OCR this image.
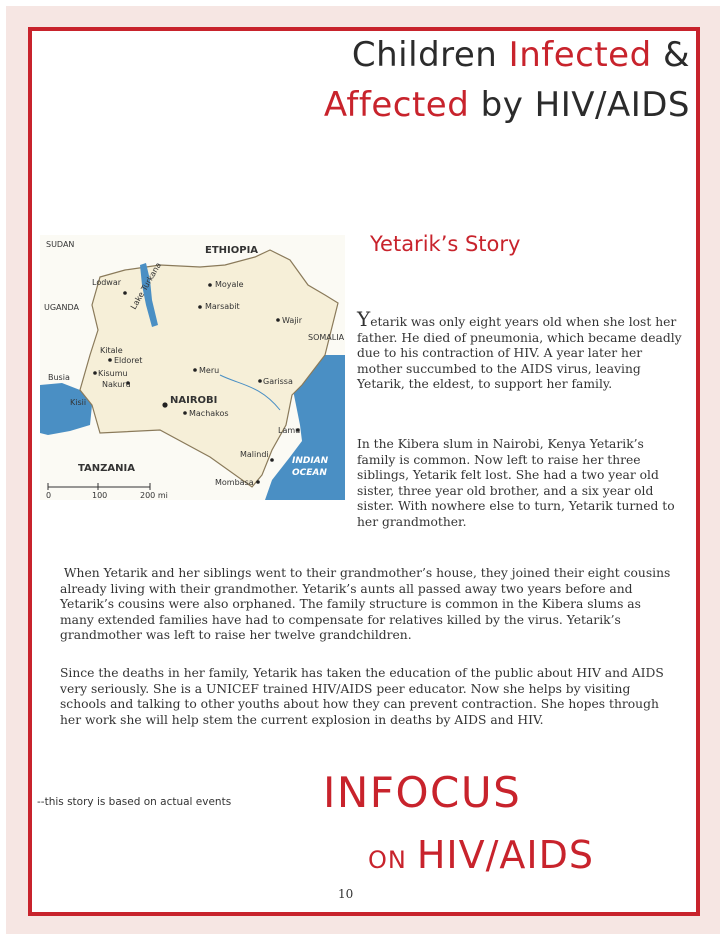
Children Infected &
Affected by HIV/AIDS
SUDAN
ETHIOPIA
UGANDA
SOMALIA
TANZANIA
Lodwar	Moyale
Marsabit
Wajir
Kitale
Eldoret
Kisumu
Nakuru
Meru
Garissa
NAIROBI
Machakos
Lamu
Malindi
Mombasa
Busia
Kisii
Lake Turkana
INDIAN
OCEAN
0	100	200 mi
Yetarik’s Story
Yetarik was only eight years old when she lost her father. He died of pneumonia, which became deadly due to his contraction of HIV. A year later her mother succumbed to the AIDS virus, leaving Yetarik, the eldest, to support her family.
In the Kibera slum in Nairobi, Kenya Yetarik’s family is common. Now left to raise her three siblings, Yetarik felt lost. She had a two year old sister, three year old brother, and a six year old sister. With nowhere else to turn, Yetarik turned to her grandmother.
When Yetarik and her siblings went to their grandmother’s house, they joined their eight cousins already living with their grandmother. Yetarik’s aunts all passed away two years before and Yetarik’s cousins were also orphaned. The family structure is common in the Kibera slums as many extended families have had to compensate for relatives killed by the virus. Yetarik’s grandmother was left to raise her twelve grandchildren.
Since the deaths in her family, Yetarik has taken the education of the public about HIV and AIDS very seriously. She is a UNICEF trained HIV/AIDS peer educator. Now she helps by visiting schools and talking to other youths about how they can prevent contraction. She hopes through her work she will help stem the current explosion in deaths by AIDS and HIV.
--this story is based on actual events INFOCUS
ON HIV/AIDS
10
